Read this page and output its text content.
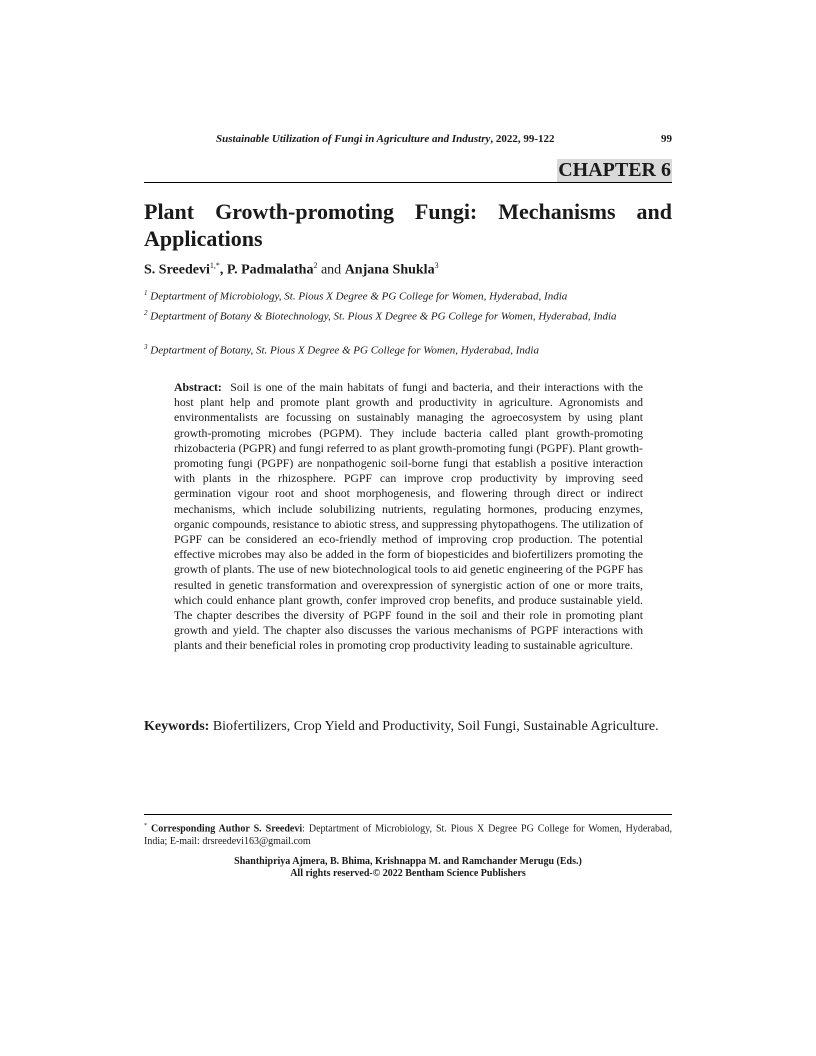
Sustainable Utilization of Fungi in Agriculture and Industry, 2022, 99-122	99
CHAPTER 6
Plant Growth-promoting Fungi: Mechanisms and
Applications
S. Sreedevi$^{1,*}$, P. Padmalatha$^2$ and Anjana Shukla$^3$
$^1$ Deptartment of Microbiology, St. Pious X Degree & PG College for Women, Hyderabad, India
$^2$ Deptartment of Botany & Biotechnology, St. Pious X Degree & PG College for Women, Hyderabad, India
$^3$ Deptartment of Botany, St. Pious X Degree & PG College for Women, Hyderabad, India
Abstract: Soil is one of the main habitats of fungi and bacteria, and their interactions with the host plant help and promote plant growth and productivity in agriculture. Agronomists and environmentalists are focussing on sustainably managing the agroecosystem by using plant growth-promoting microbes (PGPM). They include bacteria called plant growth-promoting rhizobacteria (PGPR) and fungi referred to as plant growth-promoting fungi (PGPF). Plant growth-promoting fungi (PGPF) are nonpathogenic soil-borne fungi that establish a positive interaction with plants in the rhizosphere. PGPF can improve crop productivity by improving seed germination vigour root and shoot morphogenesis, and flowering through direct or indirect mechanisms, which include solubilizing nutrients, regulating hormones, producing enzymes, organic compounds, resistance to abiotic stress, and suppressing phytopathogens. The utilization of PGPF can be considered an eco-friendly method of improving crop production. The potential effective microbes may also be added in the form of biopesticides and biofertilizers promoting the growth of plants. The use of new biotechnological tools to aid genetic engineering of the PGPF has resulted in genetic transformation and overexpression of synergistic action of one or more traits, which could enhance plant growth, confer improved crop benefits, and produce sustainable yield. The chapter describes the diversity of PGPF found in the soil and their role in promoting plant growth and yield. The chapter also discusses the various mechanisms of PGPF interactions with plants and their beneficial roles in promoting crop productivity leading to sustainable agriculture.
Keywords: Biofertilizers, Crop Yield and Productivity, Soil Fungi, Sustainable Agriculture.
* Corresponding Author S. Sreedevi: Deptartment of Microbiology, St. Pious X Degree PG College for Women, Hyderabad, India; E-mail: drsreedevi163@gmail.com
Shanthipriya Ajmera, B. Bhima, Krishnappa M. and Ramchander Merugu (Eds.)
All rights reserved-© 2022 Bentham Science Publishers
